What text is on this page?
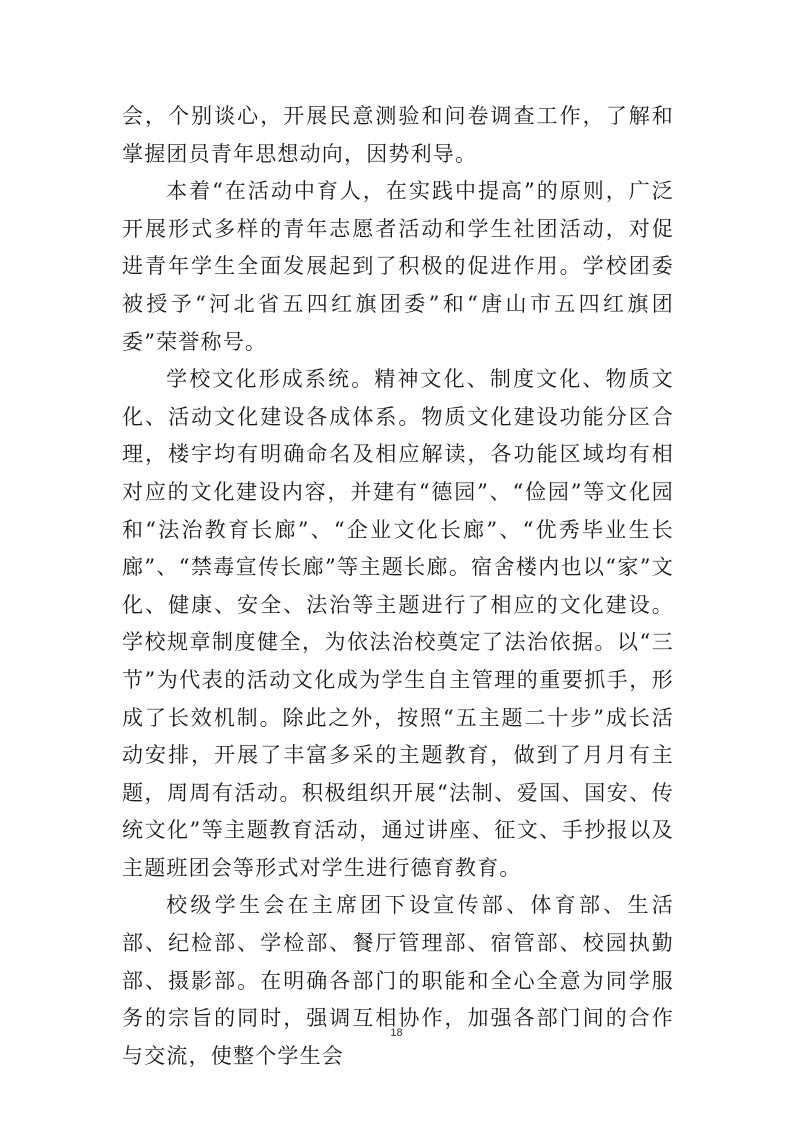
会，个别谈心，开展民意测验和问卷调查工作，了解和掌握团员青年思想动向，因势利导。

本着“在活动中育人，在实践中提高”的原则，广泛开展形式多样的青年志愿者活动和学生社团活动，对促进青年学生全面发展起到了积极的促进作用。学校团委被授予“河北省五四红旗团委”和“唐山市五四红旗团委”荣誉称号。

学校文化形成系统。精神文化、制度文化、物质文化、活动文化建设各成体系。物质文化建设功能分区合理，楼宇均有明确命名及相应解读，各功能区域均有相对应的文化建设内容，并建有“德园”、“俭园”等文化园和“法治教育长廊”、“企业文化长廊”、“优秀毕业生长廊”、“禁毒宣传长廊”等主题长廊。宿舍楼内也以“家”文化、健康、安全、法治等主题进行了相应的文化建设。学校规章制度健全，为依法治校奠定了法治依据。以“三节”为代表的活动文化成为学生自主管理的重要抓手，形成了长效机制。除此之外，按照“五主题二十步”成长活动安排，开展了丰富多采的主题教育，做到了月月有主题，周周有活动。积极组织开展“法制、爱国、国安、传统文化”等主题教育活动，通过讲座、征文、手抄报以及主题班团会等形式对学生进行德育教育。

校级学生会在主席团下设宣传部、体育部、生活部、纪检部、学检部、餐厅管理部、宿管部、校园执勤部、摄影部。在明确各部门的职能和全心全意为同学服务的宗旨的同时，强调互相协作，加强各部门间的合作与交流，使整个学生会

18
